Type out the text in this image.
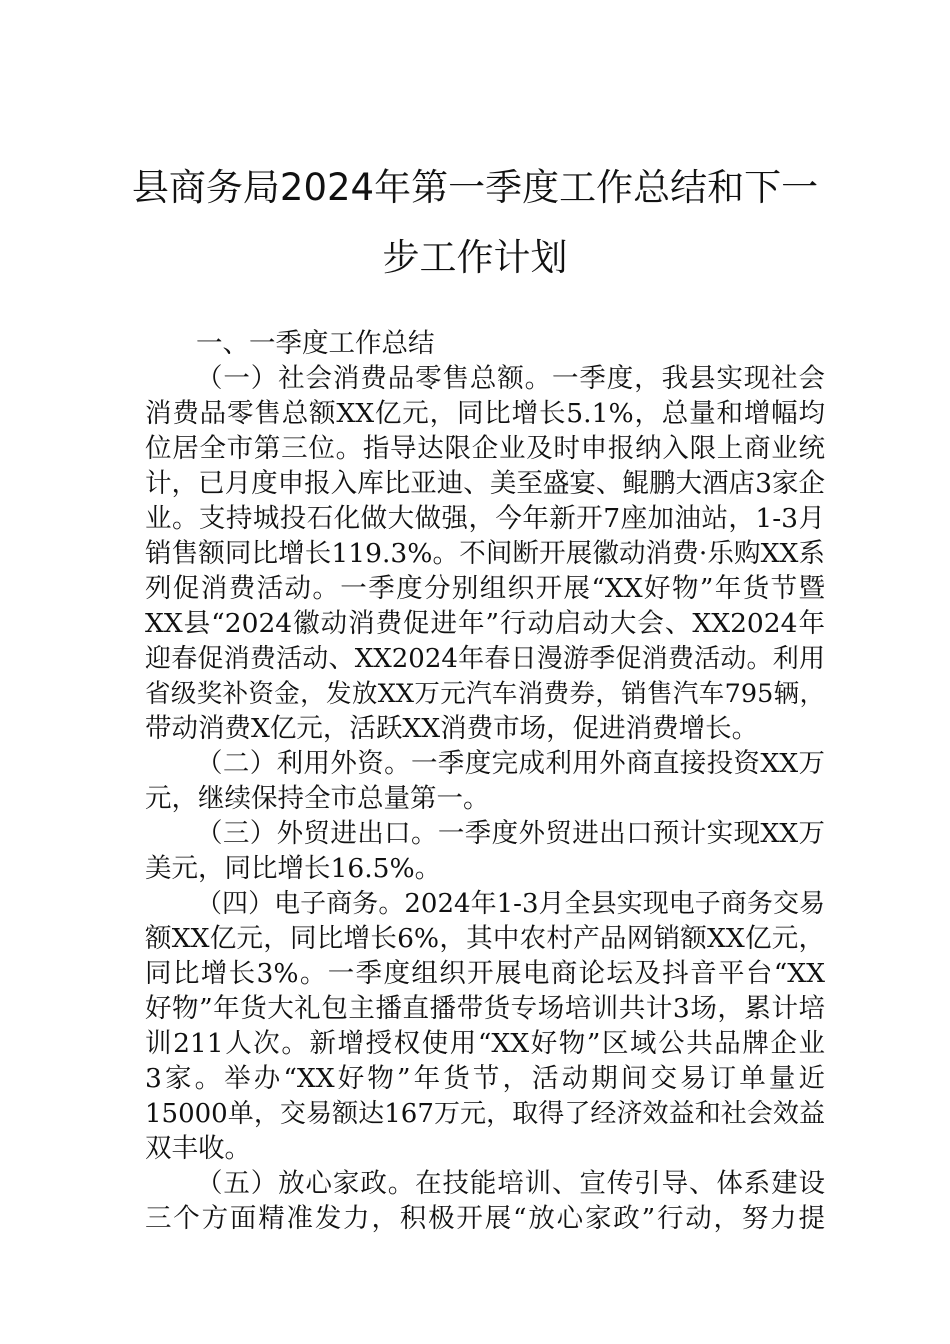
县商务局2024年第一季度工作总结和下一
步工作计划
一、一季度工作总结
（一）社会消费品零售总额。一季度，我县实现社会
消费品零售总额XX亿元，同比增长5.1%，总量和增幅均
位居全市第三位。指导达限企业及时申报纳入限上商业统
计，已月度申报入库比亚迪、美至盛宴、鲲鹏大酒店3家企
业。支持城投石化做大做强，今年新开7座加油站，1-3月
销售额同比增长119.3%。不间断开展徽动消费·乐购XX系
列促消费活动。一季度分别组织开展“XX好物”年货节暨
XX县“2024徽动消费促进年”行动启动大会、XX2024年
迎春促消费活动、XX2024年春日漫游季促消费活动。利用
省级奖补资金，发放XX万元汽车消费券，销售汽车795辆，
带动消费X亿元，活跃XX消费市场，促进消费增长。
（二）利用外资。一季度完成利用外商直接投资XX万
元，继续保持全市总量第一。
（三）外贸进出口。一季度外贸进出口预计实现XX万
美元，同比增长16.5%。
（四）电子商务。2024年1-3月全县实现电子商务交易
额XX亿元，同比增长6%，其中农村产品网销额XX亿元，
同比增长3%。一季度组织开展电商论坛及抖音平台“XX
好物”年货大礼包主播直播带货专场培训共计3场，累计培
训211人次。新增授权使用“XX好物”区域公共品牌企业
3家。举办“XX好物”年货节，活动期间交易订单量近
15000单，交易额达167万元，取得了经济效益和社会效益
双丰收。
（五）放心家政。在技能培训、宣传引导、体系建设
三个方面精准发力，积极开展“放心家政”行动，努力提
